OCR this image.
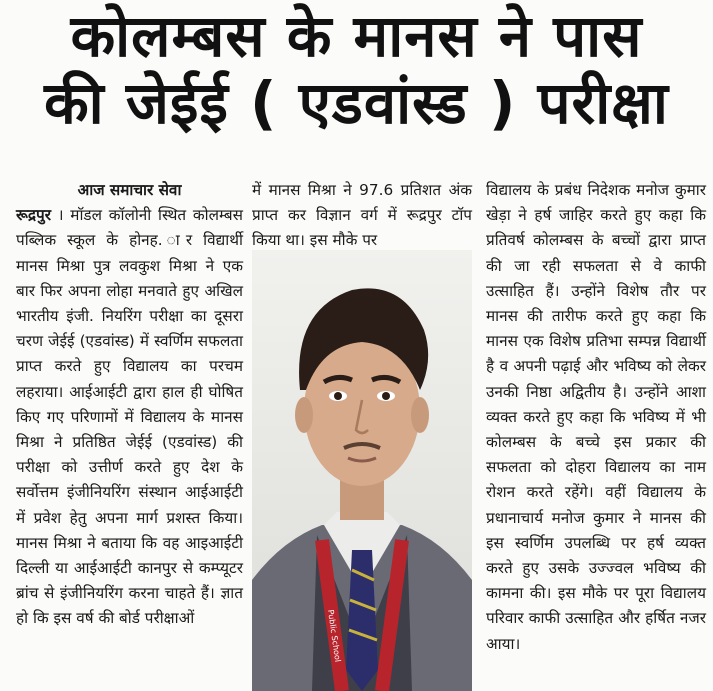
कोलम्बस के मानस ने पास
की जेईई ( एडवांस्ड ) परीक्षा
आज समाचार सेवा
रूद्रपुर । मॉडल कॉलोनी स्थित कोलम्बस पब्लिक स्कूल के होनह. ार विद्यार्थी मानस मिश्रा पुत्र लवकुश मिश्रा ने एक बार फिर अपना लोहा मनवाते हुए अखिल भारतीय इंजी. नियरिंग परीक्षा का दूसरा चरण जेईई (एडवांस्ड) में स्वर्णिम सफलता प्राप्त करते हुए विद्यालय का परचम लहराया। आईआईटी द्वारा हाल ही घोषित किए गए परिणामों में विद्यालय के मानस मिश्रा ने प्रतिष्ठित जेईई (एडवांस्ड) की परीक्षा को उत्तीर्ण करते हुए देश के सर्वोत्तम इंजीनियरिंग संस्थान आईआईटी में प्रवेश हेतु अपना मार्ग प्रशस्त किया। मानस मिश्रा ने बताया कि वह आइआईटी दिल्ली या आईआईटी कानपुर से कम्प्यूटर ब्रांच से इंजीनियरिंग करना चाहते हैं। ज्ञात हो कि इस वर्ष की बोर्ड परीक्षाओं
में मानस मिश्रा ने 97.6 प्रतिशत अंक प्राप्त कर विज्ञान वर्ग में रूद्रपुर टॉप किया था। इस मौके पर
Public School
विद्यालय के प्रबंध निदेशक मनोज कुमार खेड़ा ने हर्ष जाहिर करते हुए कहा कि प्रतिवर्ष कोलम्बस के बच्चों द्वारा प्राप्त की जा रही सफलता से वे काफी उत्साहित हैं। उन्होंने विशेष तौर पर मानस की तारीफ करते हुए कहा कि मानस एक विशेष प्रतिभा सम्पन्न विद्यार्थी है व अपनी पढ़ाई और भविष्य को लेकर उनकी निष्ठा अद्वितीय है। उन्होंने आशा व्यक्त करते हुए कहा कि भविष्य में भी कोलम्बस के बच्चे इस प्रकार की सफलता को दोहरा विद्यालय का नाम रोशन करते रहेंगे। वहीं विद्यालय के प्रधानाचार्य मनोज कुमार ने मानस की इस स्वर्णिम उपलब्धि पर हर्ष व्यक्त करते हुए उसके उज्ज्वल भविष्य की कामना की। इस मौके पर पूरा विद्यालय परिवार काफी उत्साहित और हर्षित नजर आया।
